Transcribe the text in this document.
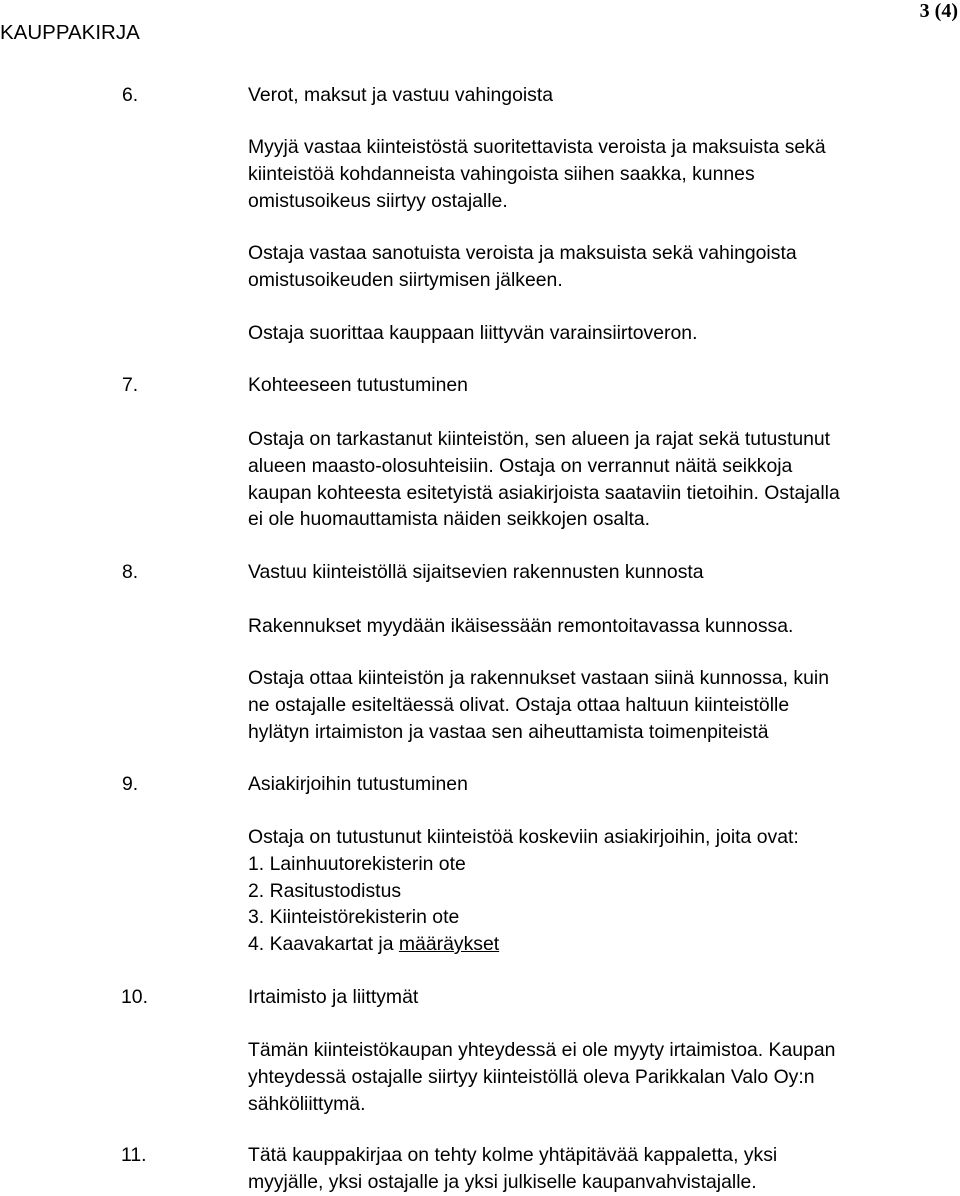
KAUPPAKIRJA
3 (4)
6.	Verot, maksut ja vastuu vahingoista
Myyjä vastaa kiinteistöstä suoritettavista veroista ja maksuista sekä
kiinteistöä kohdanneista vahingoista siihen saakka, kunnes
omistusoikeus siirtyy ostajalle.
Ostaja vastaa sanotuista veroista ja maksuista sekä vahingoista
omistusoikeuden siirtymisen jälkeen.
Ostaja suorittaa kauppaan liittyvän varainsiirtoveron.
7.	Kohteeseen tutustuminen
Ostaja on tarkastanut kiinteistön, sen alueen ja rajat sekä tutustunut
alueen maasto-olosuhteisiin. Ostaja on verrannut näitä seikkoja
kaupan kohteesta esitetyistä asiakirjoista saataviin tietoihin. Ostajalla
ei ole huomauttamista näiden seikkojen osalta.
8.	Vastuu kiinteistöllä sijaitsevien rakennusten kunnosta
Rakennukset myydään ikäisessään remontoitavassa kunnossa.
Ostaja ottaa kiinteistön ja rakennukset vastaan siinä kunnossa, kuin
ne ostajalle esiteltäessä olivat. Ostaja ottaa haltuun kiinteistölle
hylätyn irtaimiston ja vastaa sen aiheuttamista toimenpiteistä
9.	Asiakirjoihin tutustuminen
Ostaja on tutustunut kiinteistöä koskeviin asiakirjoihin, joita ovat:
1. Lainhuutorekisterin ote
2. Rasitustodistus
3. Kiinteistörekisterin ote
4. Kaavakartat ja määräykset
10.	Irtaimisto ja liittymät
Tämän kiinteistökaupan yhteydessä ei ole myyty irtaimistoa. Kaupan
yhteydessä ostajalle siirtyy kiinteistöllä oleva Parikkalan Valo Oy:n
sähköliittymä.
11.	Tätä kauppakirjaa on tehty kolme yhtäpitävää kappaletta, yksi
myyjälle, yksi ostajalle ja yksi julkiselle kaupanvahvistajalle.
